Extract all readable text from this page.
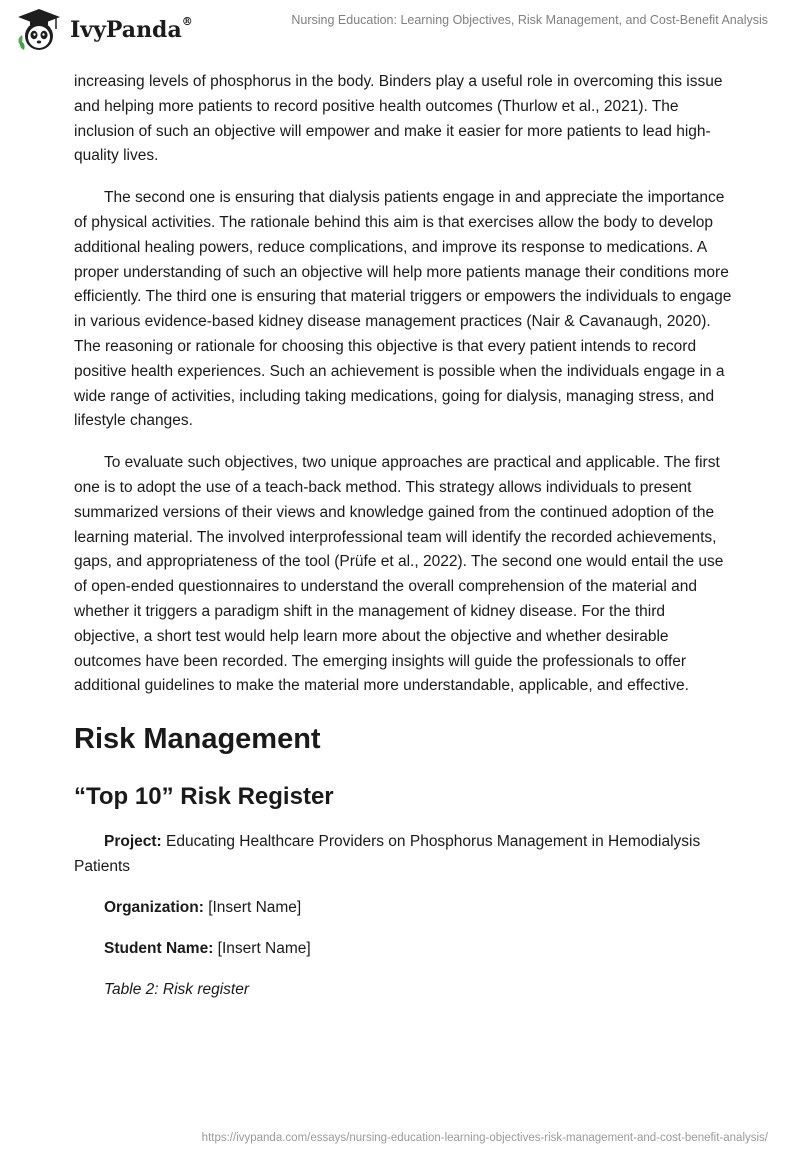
IvyPanda®	Nursing Education: Learning Objectives, Risk Management, and Cost-Benefit Analysis

increasing levels of phosphorus in the body. Binders play a useful role in overcoming this issue and helping more patients to record positive health outcomes (Thurlow et al., 2021). The inclusion of such an objective will empower and make it easier for more patients to lead high-quality lives.

The second one is ensuring that dialysis patients engage in and appreciate the importance of physical activities. The rationale behind this aim is that exercises allow the body to develop additional healing powers, reduce complications, and improve its response to medications. A proper understanding of such an objective will help more patients manage their conditions more efficiently. The third one is ensuring that material triggers or empowers the individuals to engage in various evidence-based kidney disease management practices (Nair & Cavanaugh, 2020). The reasoning or rationale for choosing this objective is that every patient intends to record positive health experiences. Such an achievement is possible when the individuals engage in a wide range of activities, including taking medications, going for dialysis, managing stress, and lifestyle changes.

To evaluate such objectives, two unique approaches are practical and applicable. The first one is to adopt the use of a teach-back method. This strategy allows individuals to present summarized versions of their views and knowledge gained from the continued adoption of the learning material. The involved interprofessional team will identify the recorded achievements, gaps, and appropriateness of the tool (Prüfe et al., 2022). The second one would entail the use of open-ended questionnaires to understand the overall comprehension of the material and whether it triggers a paradigm shift in the management of kidney disease. For the third objective, a short test would help learn more about the objective and whether desirable outcomes have been recorded. The emerging insights will guide the professionals to offer additional guidelines to make the material more understandable, applicable, and effective.

Risk Management
“Top 10” Risk Register

Project: Educating Healthcare Providers on Phosphorus Management in Hemodialysis Patients

Organization: [Insert Name]

Student Name: [Insert Name]

Table 2: Risk register

https://ivypanda.com/essays/nursing-education-learning-objectives-risk-management-and-cost-benefit-analysis/
